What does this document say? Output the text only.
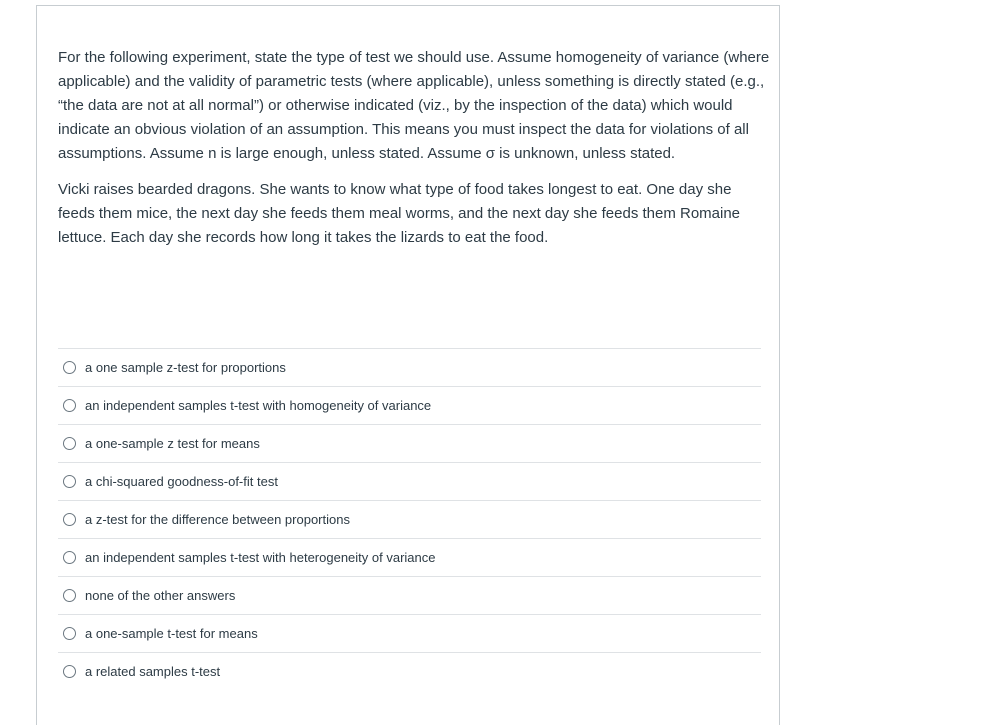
For the following experiment, state the type of test we should use. Assume homogeneity of variance (where applicable) and the validity of parametric tests (where applicable), unless something is directly stated (e.g., “the data are not at all normal”) or otherwise indicated (viz., by the inspection of the data) which would indicate an obvious violation of an assumption. This means you must inspect the data for violations of all assumptions. Assume n is large enough, unless stated. Assume σ is unknown, unless stated.

Vicki raises bearded dragons. She wants to know what type of food takes longest to eat. One day she feeds them mice, the next day she feeds them meal worms, and the next day she feeds them Romaine lettuce. Each day she records how long it takes the lizards to eat the food.

a one sample z-test for proportions
an independent samples t-test with homogeneity of variance
a one-sample z test for means
a chi-squared goodness-of-fit test
a z-test for the difference between proportions
an independent samples t-test with heterogeneity of variance
none of the other answers
a one-sample t-test for means
a related samples t-test
